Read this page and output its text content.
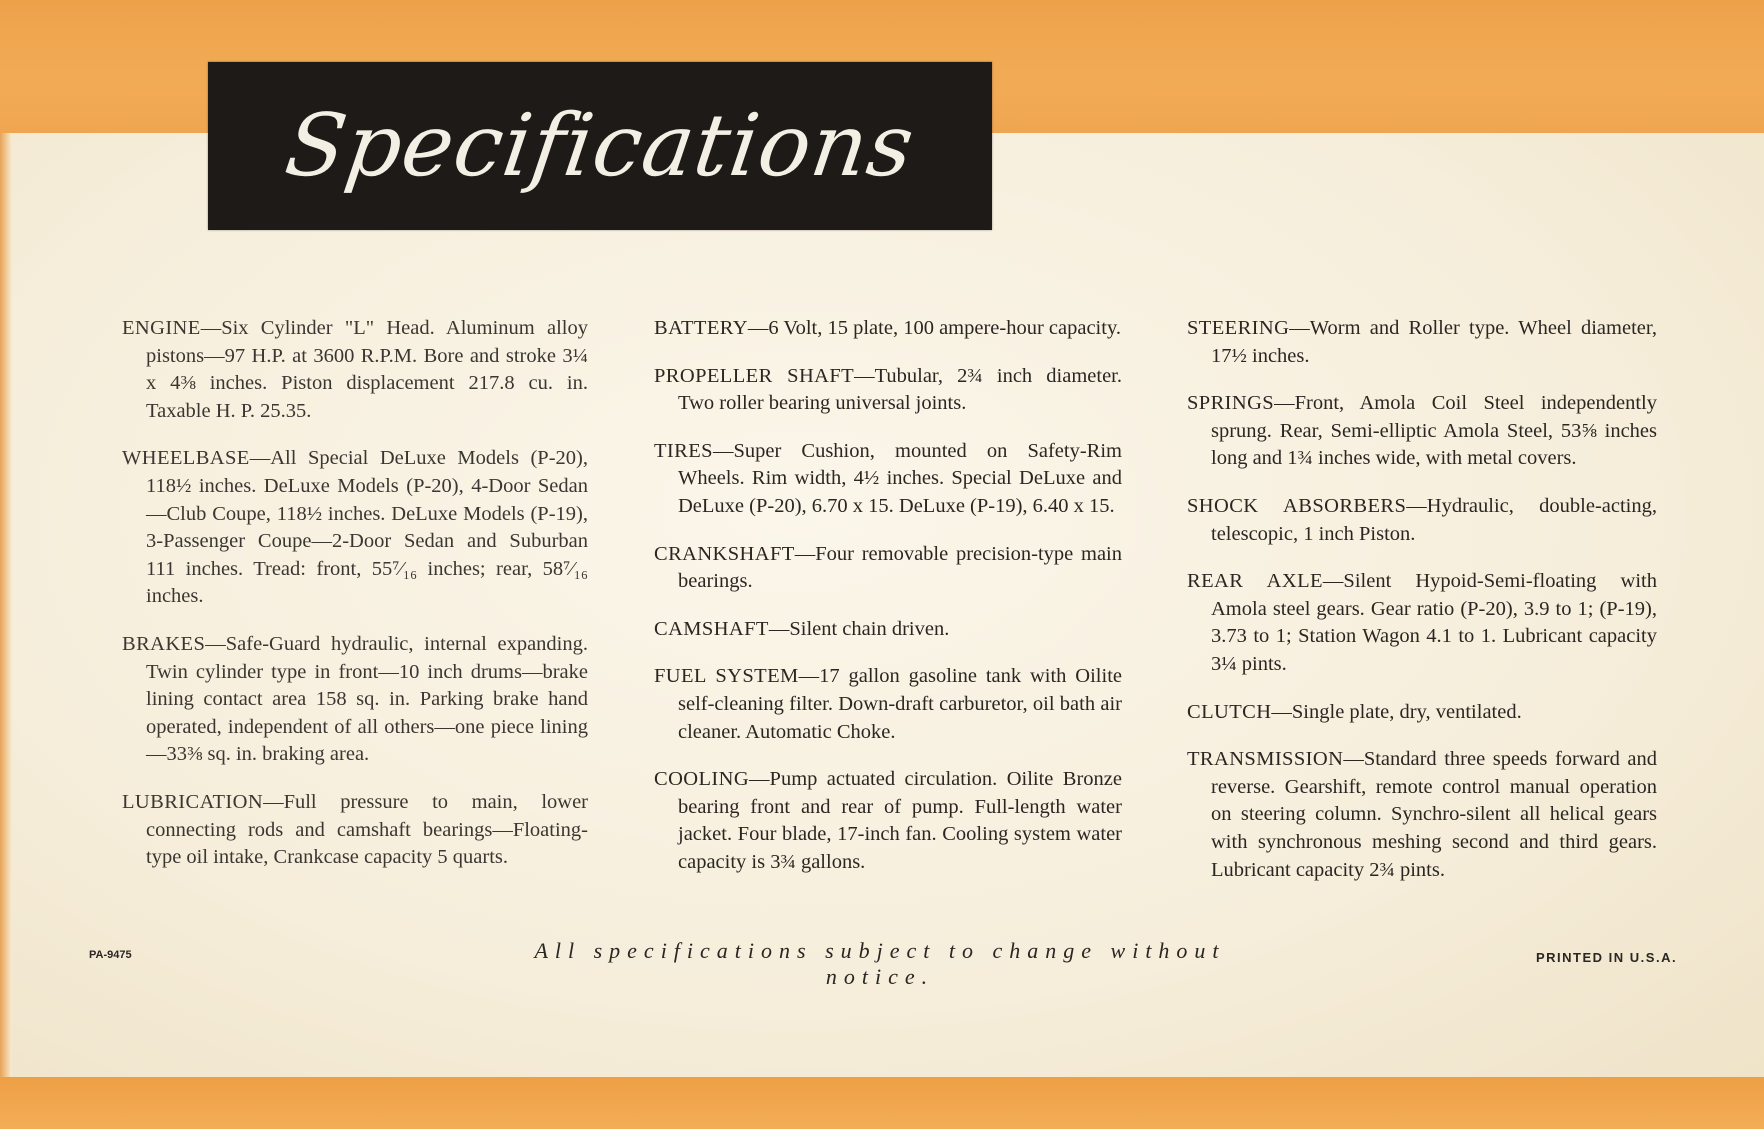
Specifications

ENGINE—Six Cylinder "L" Head. Aluminum alloy pistons—97 H.P. at 3600 R.P.M. Bore and stroke 3¼ x 4⅜ inches. Piston displacement 217.8 cu. in. Taxable H. P. 25.35.

WHEELBASE—All Special DeLuxe Models (P-20), 118½ inches. DeLuxe Models (P-20), 4-Door Sedan—Club Coupe, 118½ inches. DeLuxe Models (P-19), 3-Passenger Coupe—2-Door Sedan and Suburban 111 inches. Tread: front, 55⁷⁄₁₆ inches; rear, 58⁷⁄₁₆ inches.

BRAKES—Safe-Guard hydraulic, internal expanding. Twin cylinder type in front—10 inch drums—brake lining contact area 158 sq. in. Parking brake hand operated, independent of all others—one piece lining—33⅜ sq. in. braking area.

LUBRICATION—Full pressure to main, lower connecting rods and camshaft bearings—Floating-type oil intake, Crankcase capacity 5 quarts.

BATTERY—6 Volt, 15 plate, 100 ampere-hour capacity.

PROPELLER SHAFT—Tubular, 2¾ inch diameter. Two roller bearing universal joints.

TIRES—Super Cushion, mounted on Safety-Rim Wheels. Rim width, 4½ inches. Special DeLuxe and DeLuxe (P-20), 6.70 x 15. DeLuxe (P-19), 6.40 x 15.

CRANKSHAFT—Four removable precision-type main bearings.

CAMSHAFT—Silent chain driven.

FUEL SYSTEM—17 gallon gasoline tank with Oilite self-cleaning filter. Down-draft carburetor, oil bath air cleaner. Automatic Choke.

COOLING—Pump actuated circulation. Oilite Bronze bearing front and rear of pump. Full-length water jacket. Four blade, 17-inch fan. Cooling system water capacity is 3¾ gallons.

STEERING—Worm and Roller type. Wheel diameter, 17½ inches.

SPRINGS—Front, Amola Coil Steel independently sprung. Rear, Semi-elliptic Amola Steel, 53⅝ inches long and 1¾ inches wide, with metal covers.

SHOCK ABSORBERS—Hydraulic, double-acting, telescopic, 1 inch Piston.

REAR AXLE—Silent Hypoid-Semi-floating with Amola steel gears. Gear ratio (P-20), 3.9 to 1; (P-19), 3.73 to 1; Station Wagon 4.1 to 1. Lubricant capacity 3¼ pints.

CLUTCH—Single plate, dry, ventilated.

TRANSMISSION—Standard three speeds forward and reverse. Gearshift, remote control manual operation on steering column. Synchro-silent all helical gears with synchronous meshing second and third gears. Lubricant capacity 2¾ pints.

PA-9475	All specifications subject to change without notice.
PRINTED IN U.S.A.
